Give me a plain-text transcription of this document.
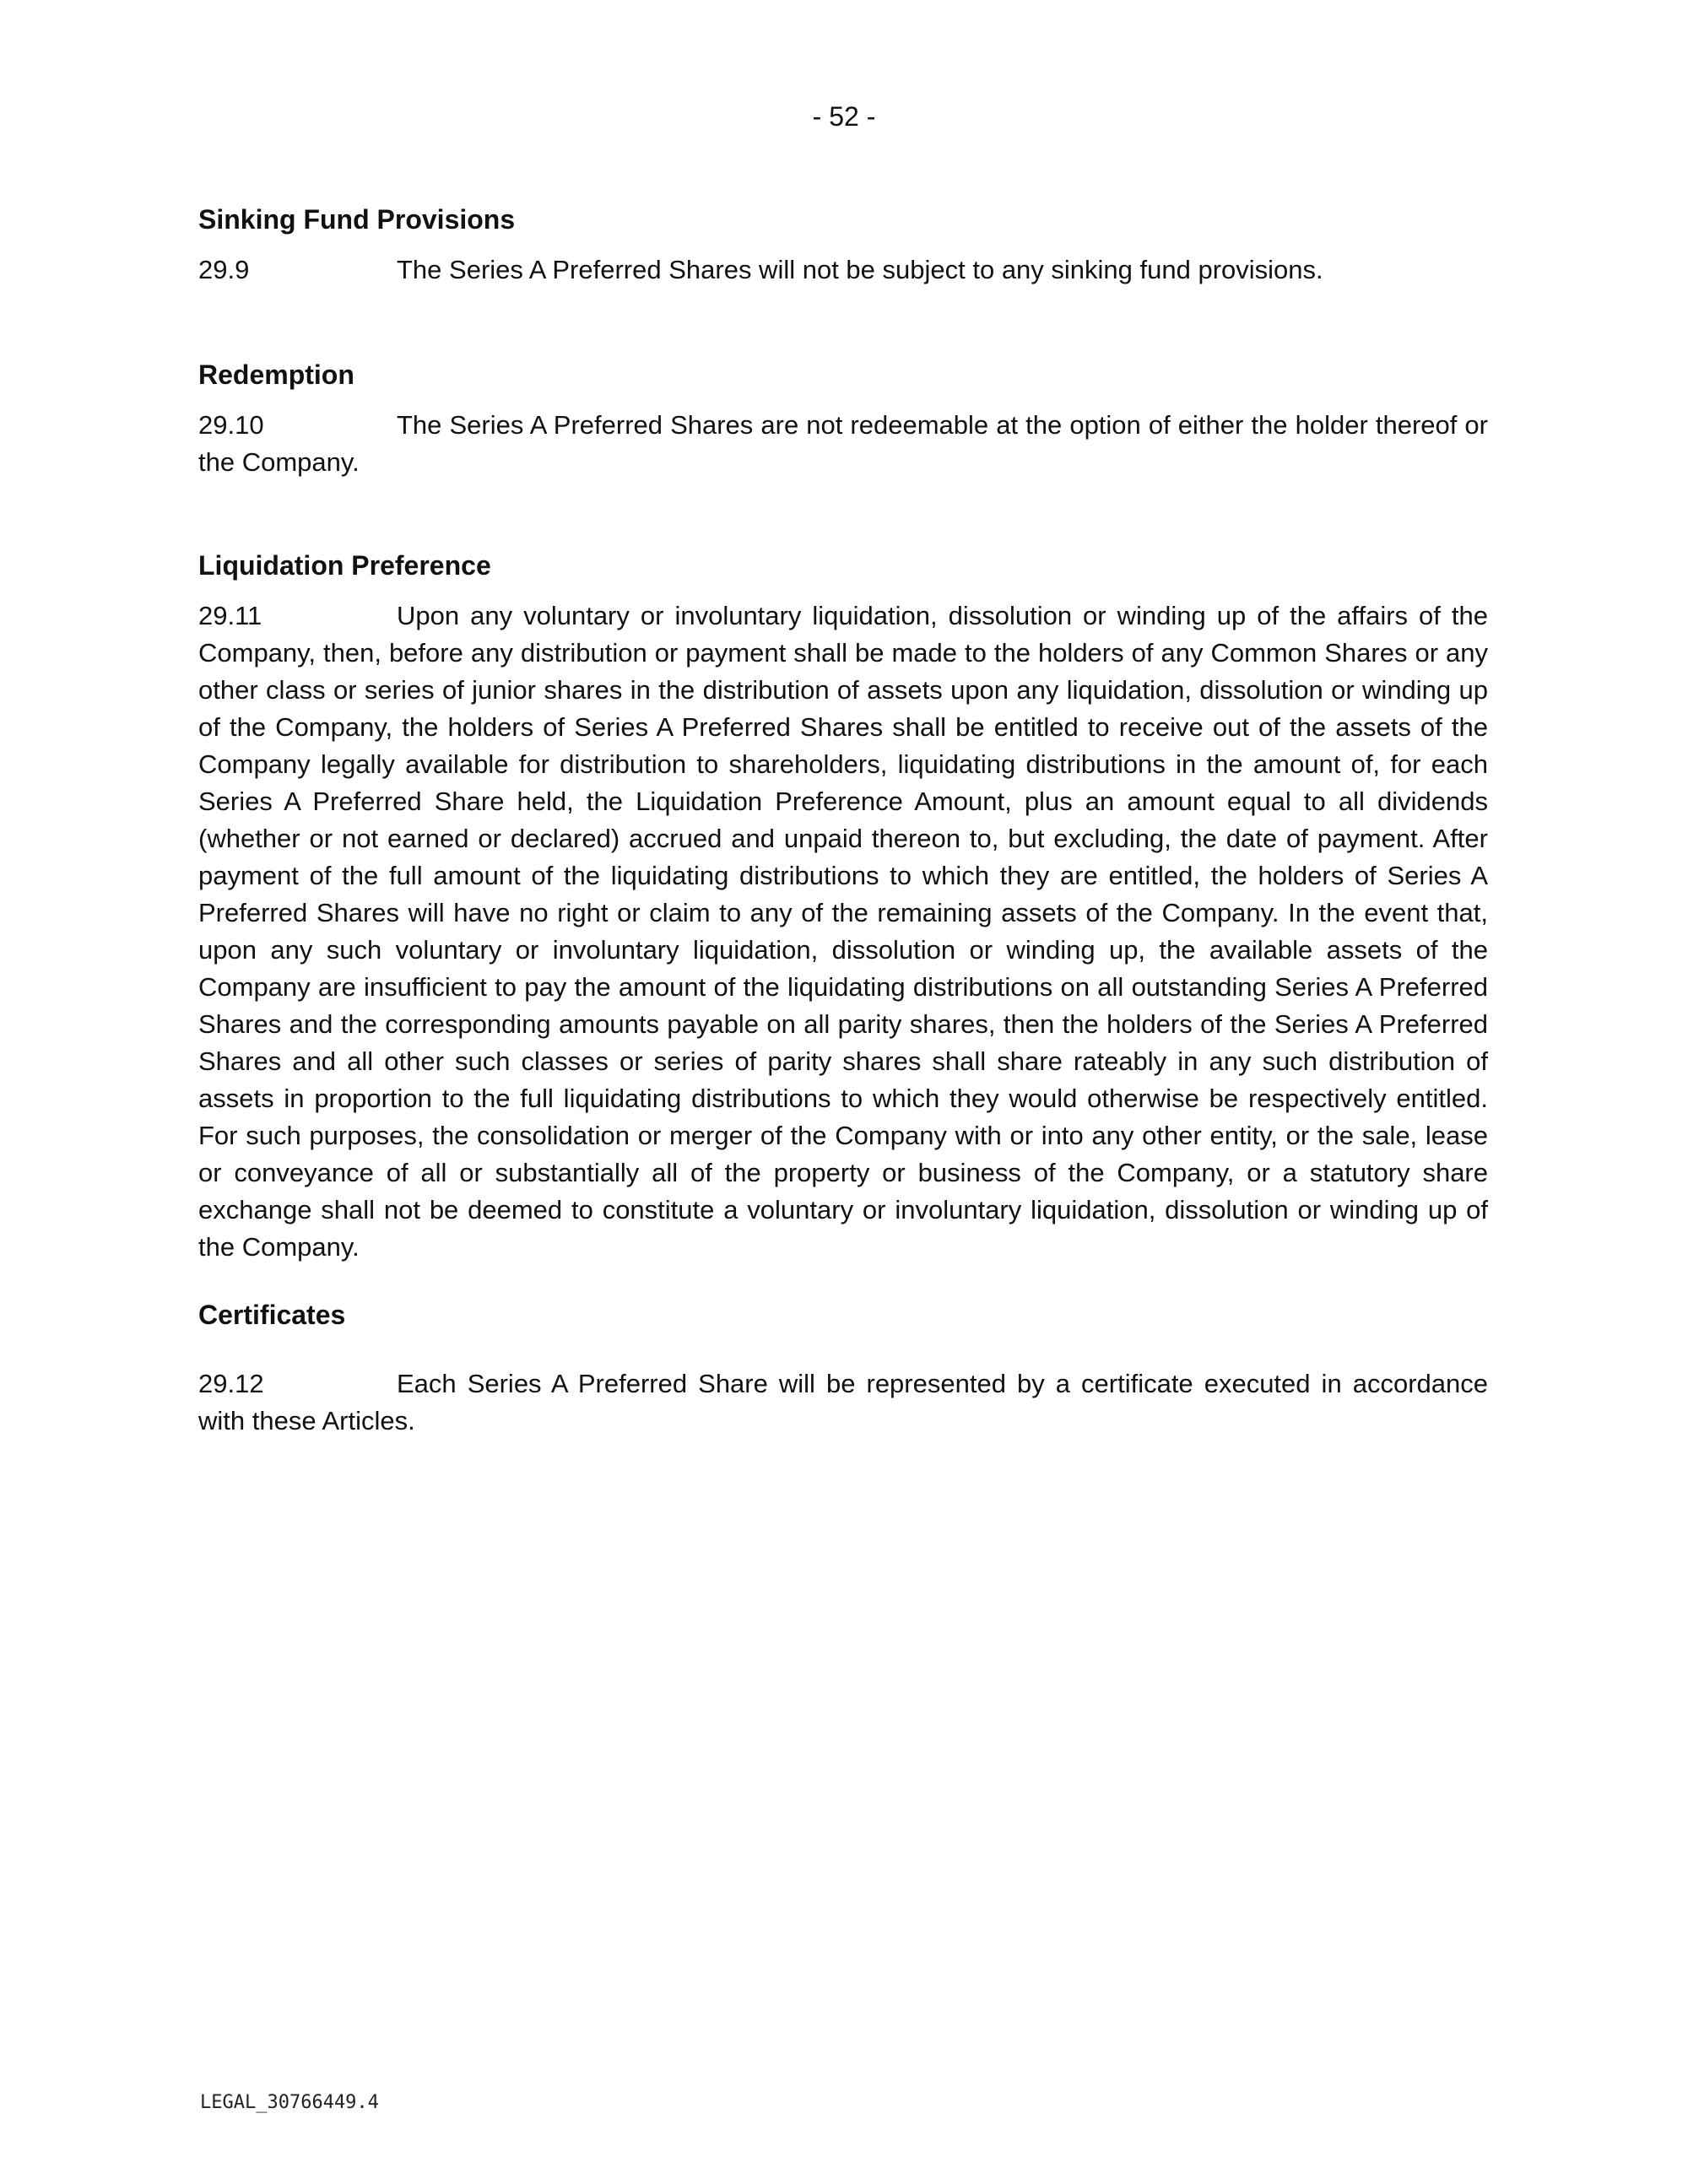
- 52 -
Sinking Fund Provisions

29.9	The Series A Preferred Shares will not be subject to any sinking fund provisions.

Redemption

29.10	The Series A Preferred Shares are not redeemable at the option of either the holder thereof or the Company.

Liquidation Preference

29.11	Upon any voluntary or involuntary liquidation, dissolution or winding up of the affairs of the Company, then, before any distribution or payment shall be made to the holders of any Common Shares or any other class or series of junior shares in the distribution of assets upon any liquidation, dissolution or winding up of the Company, the holders of Series A Preferred Shares shall be entitled to receive out of the assets of the Company legally available for distribution to shareholders, liquidating distributions in the amount of, for each Series A Preferred Share held, the Liquidation Preference Amount, plus an amount equal to all dividends (whether or not earned or declared) accrued and unpaid thereon to, but excluding, the date of payment. After payment of the full amount of the liquidating distributions to which they are entitled, the holders of Series A Preferred Shares will have no right or claim to any of the remaining assets of the Company. In the event that, upon any such voluntary or involuntary liquidation, dissolution or winding up, the available assets of the Company are insufficient to pay the amount of the liquidating distributions on all outstanding Series A Preferred Shares and the corresponding amounts payable on all parity shares, then the holders of the Series A Preferred Shares and all other such classes or series of parity shares shall share rateably in any such distribution of assets in proportion to the full liquidating distributions to which they would otherwise be respectively entitled. For such purposes, the consolidation or merger of the Company with or into any other entity, or the sale, lease or conveyance of all or substantially all of the property or business of the Company, or a statutory share exchange shall not be deemed to constitute a voluntary or involuntary liquidation, dissolution or winding up of the Company.

Certificates

29.12	Each Series A Preferred Share will be represented by a certificate executed in accordance with these Articles.

LEGAL_30766449.4
